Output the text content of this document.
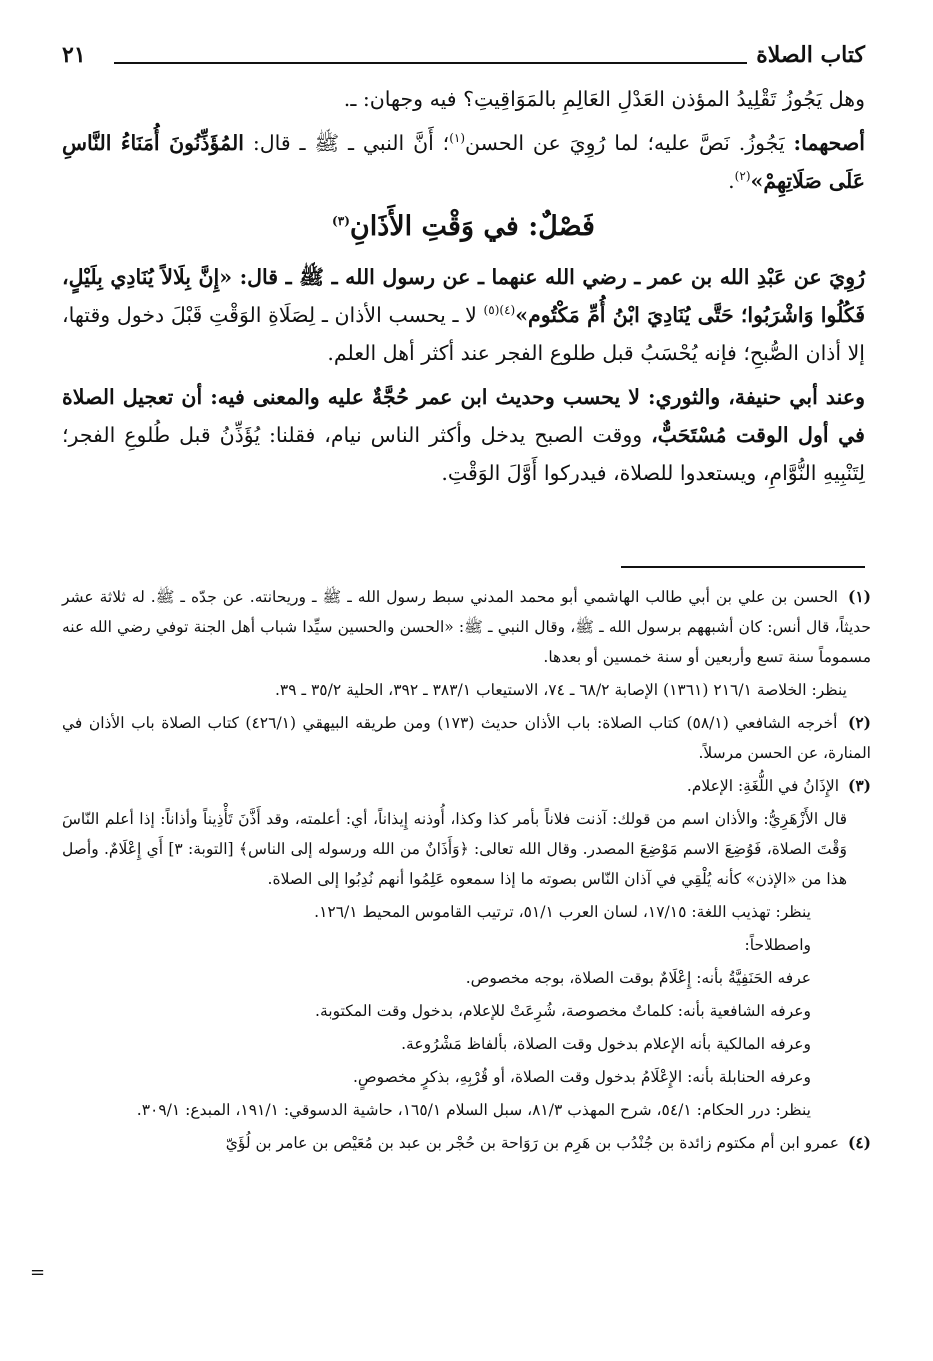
كتاب الصلاة
٢١

وهل يَجُوزُ تَقْلِيدُ المؤذن العَدْلِ العَالِمِ بالمَوَاقِيتِ؟ فيه وجهان: ـ.

أصحهما: يَجُوزُ. نَصَّ عليه؛ لما رُوِيَ عن الحسن$^{(١)}$؛ أَنَّ النبي ـ ﷺ ـ قال: المُؤَذِّنُونَ أُمَنَاءُ النَّاسِ عَلَى صَلَاتِهِمْ»$^{(٢)}$.

فَصْلٌ: في وَقْتِ الأَذَانِ$^{(٣)}$

رُوِيَ عن عَبْدِ الله بن عمر ـ رضي الله عنهما ـ عن رسول الله ـ ﷺ ـ قال: «إِنَّ بِلَالاً يُنَادِي بِلَيْلٍ، فَكُلُوا وَاشْرَبُوا؛ حَتَّى يُنَادِيَ ابْنُ أُمِّ مَكْتُوم»$^{(٤)(٥)}$ لا ـ يحسب الأذان ـ لِصَلَاةِ الوَقْتِ قَبْلَ دخول وقتها، إلا أذان الصُّبحِ؛ فإنه يُحْسَبُ قبل طلوع الفجر عند أكثر أهل العلم.

وعند أبي حنيفة، والثوري: لا يحسب وحديث ابن عمر حُجَّةٌ عليه والمعنى فيه: أن تعجيل الصلاة في أول الوقت مُسْتَحَبٌّ، ووقت الصبح يدخل وأكثر الناس نيام، فقلنا: يُؤَذِّنُ قبل طُلوعِ الفجر؛ لِتَنْبِيهِ النُّوَّامِ، ويستعدوا للصلاة، فيدركوا أَوَّلَ الوَقْتِ.

(١) الحسن بن علي بن أبي طالب الهاشمي أبو محمد المدني سبط رسول الله ـ ﷺ ـ وريحانته. عن جدّه ـ ﷺ. له ثلاثة عشر حديثاً، قال أنس: كان أشبههم برسول الله ـ ﷺ، وقال النبي ـ ﷺ: «الحسن والحسين سيِّدا شباب أهل الجنة توفي رضي الله عنه مسموماً سنة تسع وأربعين أو سنة خمسين أو بعدها.

ينظر: الخلاصة ٢١٦/١ (١٣٦١) الإصابة ٦٨/٢ ـ ٧٤، الاستيعاب ٣٨٣/١ ـ ٣٩٢، الحلية ٣٥/٢ ـ ٣٩.

(٢) أخرجه الشافعي (٥٨/١) كتاب الصلاة: باب الأذان حديث (١٧٣) ومن طريقه البيهقي (٤٢٦/١) كتاب الصلاة باب الأذان في المنارة، عن الحسن مرسلاً.

(٣) الإِذَانُ في اللُّغَةِ: الإعلام.

قال الأَزْهَرِيُّ: والأذان اسم من قولك: آذنت فلاناً بأمر كذا وكذا، أُوذنه إِيذاناً، أي: أعلمته، وقد أَذَّنَ تَأْذِيناً وأذاناً: إذا أعلم النّاسَ وَقْتَ الصلاة، فَوُضِعَ الاسم مَوْضِعَ المصدر. وقال الله تعالى: ﴿وَأَذَانٌ من الله ورسوله إلى الناس﴾ [التوبة: ٣] أَي إِعْلَامٌ. وأصل هذا من «الإذن» كأنه يُلْقِي في آذان النّاس بصوته ما إذا سمعوه عَلِمُوا أنهم نُدِبُوا إلى الصلاة.

ينظر: تهذيب اللغة: ١٧/١٥، لسان العرب ٥١/١، ترتيب القاموس المحيط ١٢٦/١.

واصطلاحاً:

عرفه الحَنَفِيَّةُ بأنه: إِعْلَامٌ بوقت الصلاة، بوجه مخصوص.

وعرفه الشافعية بأنه: كلماتٌ مخصوصة، شُرِعَتْ للإعلام، بدخول وقت المكتوبة.

وعرفه المالكية بأنه الإعلام بدخول وقت الصلاة، بألفاظ مَشْرُوعة.

وعرفه الحنابلة بأنه: الإِعْلَامُ بدخول وقت الصلاة، أو قُرْبِهِ، بذكرٍ مخصوصٍ.

ينظر: درر الحكام: ٥٤/١، شرح المهذب ٨١/٣، سبل السلام ١٦٥/١، حاشية الدسوقي: ١٩١/١، المبدع: ٣٠٩/١.

(٤) عمرو ابن أم مكتوم زائدة بن جُنْدُب بن هَرِم بن رَوَاحة بن حُجْر بن عبد بن مُعَيْص بن عامر بن لُؤَيّ

=
